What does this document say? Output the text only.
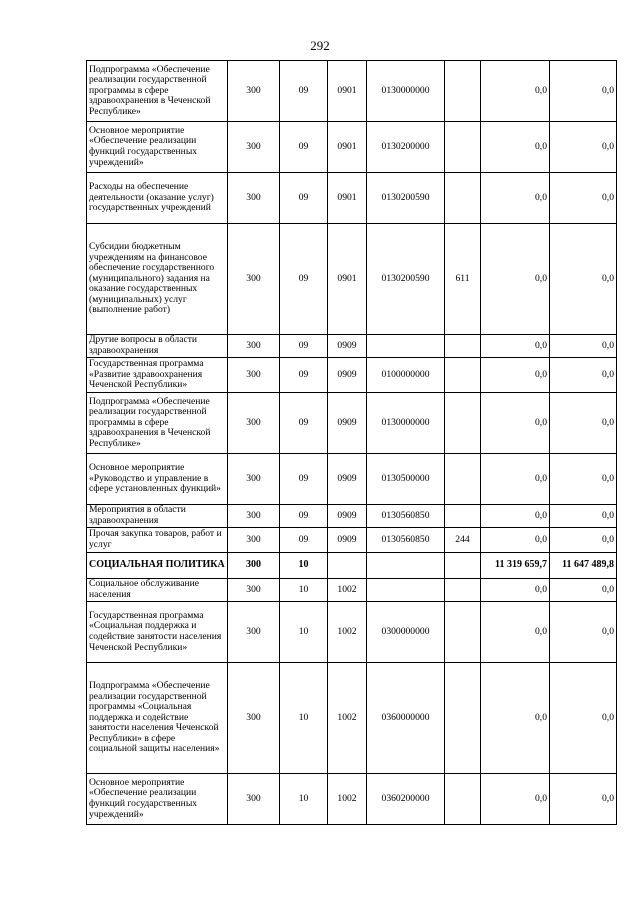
292
Подпрограмма «Обеспечение реализации государственной программы в сфере здравоохранения в Чеченской Республике»	300	09	0901	0130000000		0,0	0,0
Основное мероприятие «Обеспечение реализации функций государственных учреждений»	300	09	0901	0130200000		0,0	0,0
Расходы на обеспечение деятельности (оказание услуг) государственных учреждений	300	09	0901	0130200590		0,0	0,0
Субсидии бюджетным учреждениям на финансовое обеспечение государственного (муниципального) задания на оказание государственных (муниципальных) услуг (выполнение работ)	300	09	0901	0130200590	611	0,0	0,0
Другие вопросы в области здравоохранения	300	09	0909			0,0	0,0
Государственная программа «Развитие здравоохранения Чеченской Республики»	300	09	0909	0100000000		0,0	0,0
Подпрограмма «Обеспечение реализации государственной программы в сфере здравоохранения в Чеченской Республике»	300	09	0909	0130000000		0,0	0,0
Основное мероприятие «Руководство и управление в сфере установленных функций»	300	09	0909	0130500000		0,0	0,0
Мероприятия в области здравоохранения	300	09	0909	0130560850		0,0	0,0
Прочая закупка товаров, работ и услуг	300	09	0909	0130560850	244	0,0	0,0
СОЦИАЛЬНАЯ ПОЛИТИКА	300	10				11 319 659,7	11 647 489,8
Социальное обслуживание населения	300	10	1002			0,0	0,0
Государственная программа «Социальная поддержка и содействие занятости населения Чеченской Республики»	300	10	1002	0300000000		0,0	0,0
Подпрограмма «Обеспечение реализации государственной программы «Социальная поддержка и содействие занятости населения Чеченской Республики» в сфере социальной защиты населения»	300	10	1002	0360000000		0,0	0,0
Основное мероприятие «Обеспечение реализации функций государственных учреждений»	300	10	1002	0360200000		0,0	0,0
